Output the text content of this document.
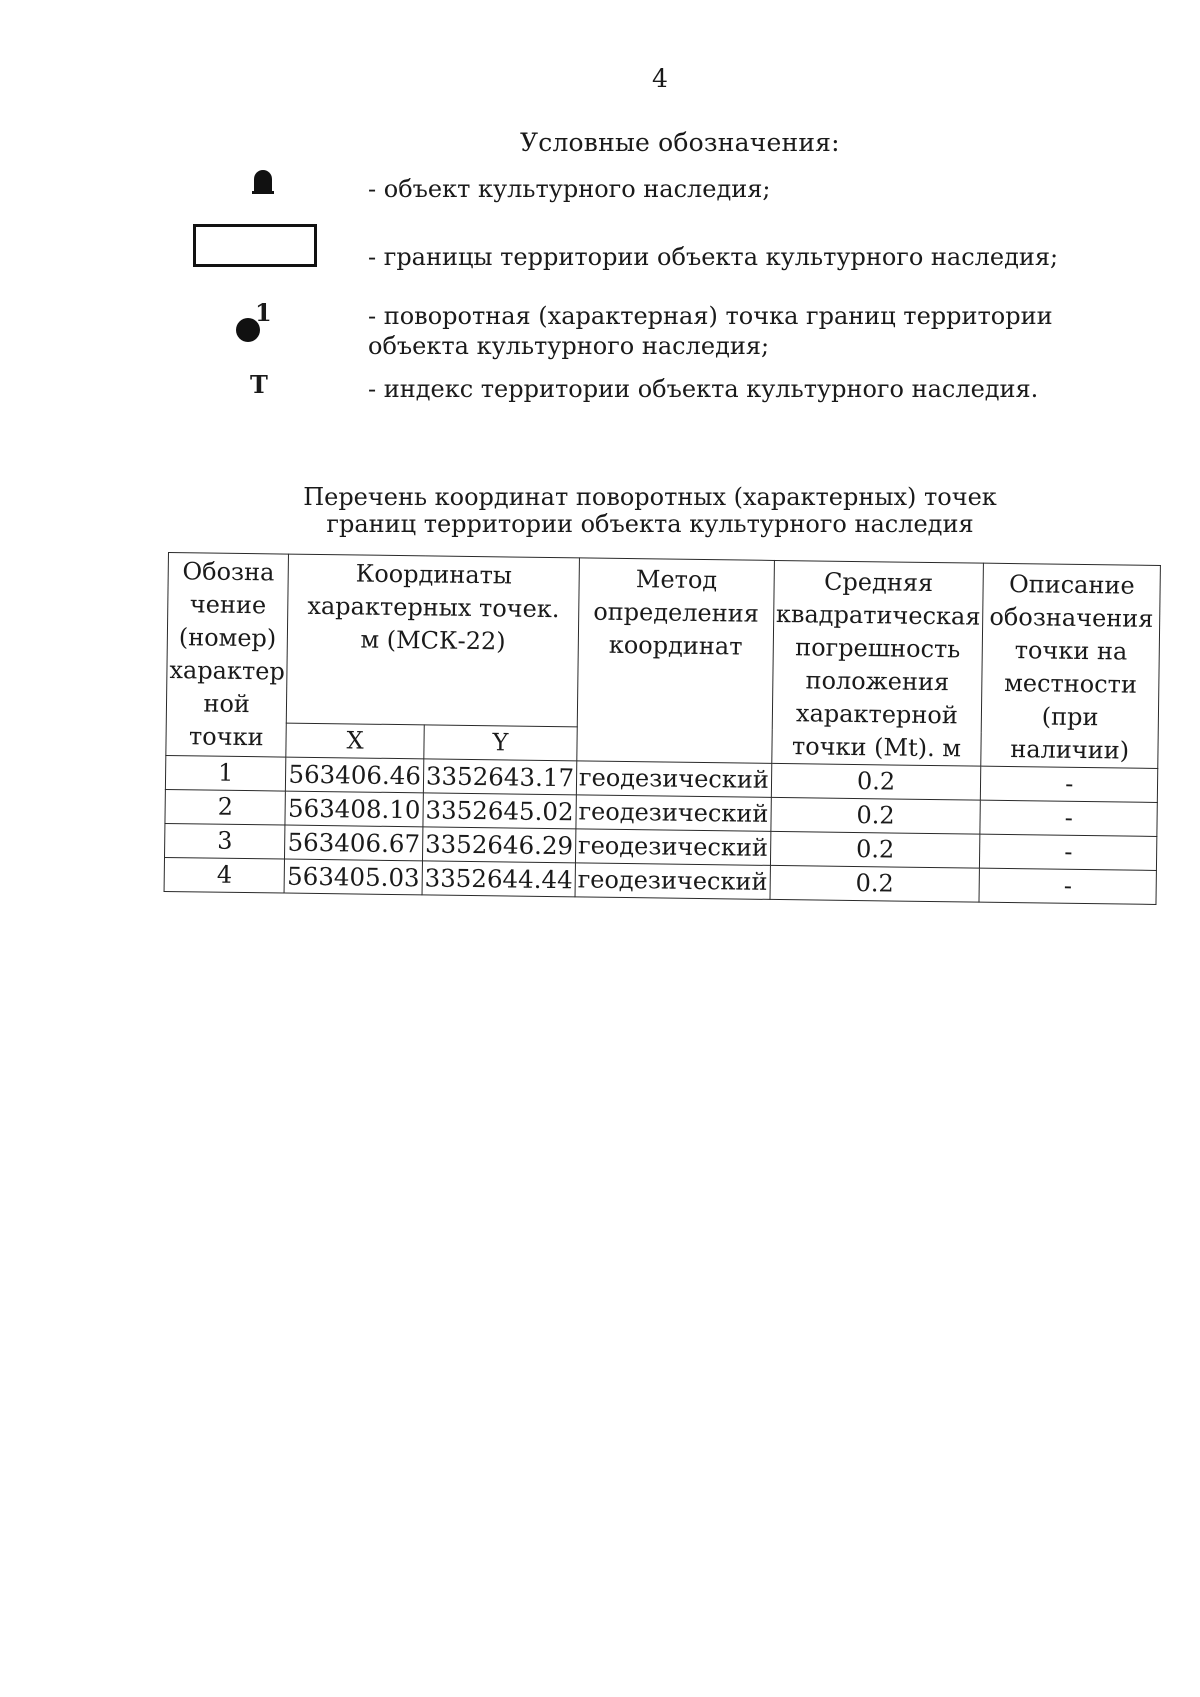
4
Условные обозначения:
- объект культурного наследия;
- границы территории объекта культурного наследия;
1	- поворотная (характерная) точка границ территории объекта культурного наследия;
Т	- индекс территории объекта культурного наследия.
Перечень координат поворотных (характерных) точек
границ территории объекта культурного наследия
Обозна чение (номер) характер ной точки	Координаты характерных точек. м (МСК-22)		Метод определения координат	Средняя квадратическая погрешность положения характерной точки (Mt). м	Описание обозначения точки на местности (при наличии)
	X	Y			
1	563406.46	3352643.17	геодезический	0.2	-
2	563408.10	3352645.02	геодезический	0.2	-
3	563406.67	3352646.29	геодезический	0.2	-
4	563405.03	3352644.44	геодезический	0.2	-
